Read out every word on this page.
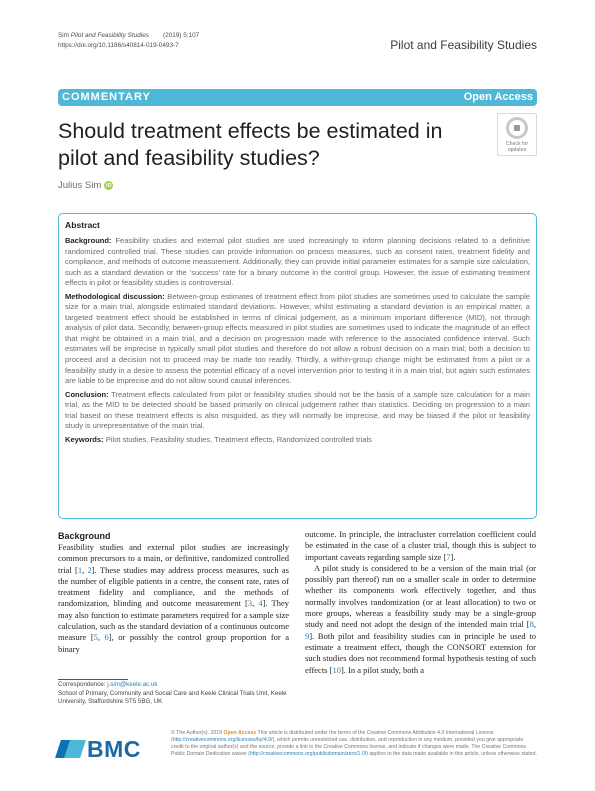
Sim Pilot and Feasibility Studies (2019) 5:107
https://doi.org/10.1186/s40814-019-0493-7	Pilot and Feasibility Studies
COMMENTARY	Open Access
Should treatment effects be estimated in pilot and feasibility studies?
Julius Sim iD
Check for
updates
Abstract

Background: Feasibility studies and external pilot studies are used increasingly to inform planning decisions related to a definitive randomized controlled trial. These studies can provide information on process measures, such as consent rates, treatment fidelity and compliance, and methods of outcome measurement. Additionally, they can provide initial parameter estimates for a sample size calculation, such as a standard deviation or the ‘success’ rate for a binary outcome in the control group. However, the issue of estimating treatment effects in pilot or feasibility studies is controversial.

Methodological discussion: Between-group estimates of treatment effect from pilot studies are sometimes used to calculate the sample size for a main trial, alongside estimated standard deviations. However, whilst estimating a standard deviation is an empirical matter, a targeted treatment effect should be established in terms of clinical judgement, as a minimum important difference (MID), not through analysis of pilot data. Secondly, between-group effects measured in pilot studies are sometimes used to indicate the magnitude of an effect that might be obtained in a main trial, and a decision on progression made with reference to the associated confidence interval. Such estimates will be imprecise in typically small pilot studies and therefore do not allow a robust decision on a main trial; both a decision to proceed and a decision not to proceed may be made too readily. Thirdly, a within-group change might be estimated from a pilot or a feasibility study in a desire to assess the potential efficacy of a novel intervention prior to testing it in a main trial, but again such estimates are liable to be imprecise and do not allow sound causal inferences.

Conclusion: Treatment effects calculated from pilot or feasibility studies should not be the basis of a sample size calculation for a main trial, as the MID to be detected should be based primarily on clinical judgement rather than statistics. Deciding on progression to a main trial based on these treatment effects is also misguided, as they will normally be imprecise, and may be biased if the pilot or feasibility study is unrepresentative of the main trial.

Keywords: Pilot studies, Feasibility studies, Treatment effects, Randomized controlled trials

Background

Feasibility studies and external pilot studies are increasingly common precursors to a main, or definitive, randomized controlled trial [1, 2]. These studies may address process measures, such as the number of eligible patients in a centre, the consent rate, rates of treatment fidelity and compliance, and the methods of randomization, blinding and outcome measurement [3, 4]. They may also function to estimate parameters required for a sample size calculation, such as the standard deviation of a continuous outcome measure [5, 6], or possibly the control group proportion for a binary

outcome. In principle, the intracluster correlation coefficient could be estimated in the case of a cluster trial, though this is subject to important caveats regarding sample size [7].

A pilot study is considered to be a version of the main trial (or possibly part thereof) run on a smaller scale in order to determine whether its components work effectively together, and thus normally involves randomization (or at least allocation) to two or more groups, whereas a feasibility study may be a single-group study and need not adopt the design of the intended main trial [8, 9]. Both pilot and feasibility studies can in principle be used to estimate a treatment effect, though the CONSORT extension for such studies does not recommend formal hypothesis testing of such effects [10]. In a pilot study, both a

Correspondence: j.sim@keele.ac.uk
School of Primary, Community and Social Care and Keele Clinical Trials Unit, Keele University, Staffordshire ST5 5BG, UK
BMC
© The Author(s). 2019 Open Access This article is distributed under the terms of the Creative Commons Attribution 4.0 International License (http://creativecommons.org/licenses/by/4.0/), which permits unrestricted use, distribution, and reproduction in any medium, provided you give appropriate credit to the original author(s) and the source, provide a link to the Creative Commons license, and indicate if changes were made. The Creative Commons Public Domain Dedication waiver (http://creativecommons.org/publicdomain/zero/1.0/) applies to the data made available in this article, unless otherwise stated.
